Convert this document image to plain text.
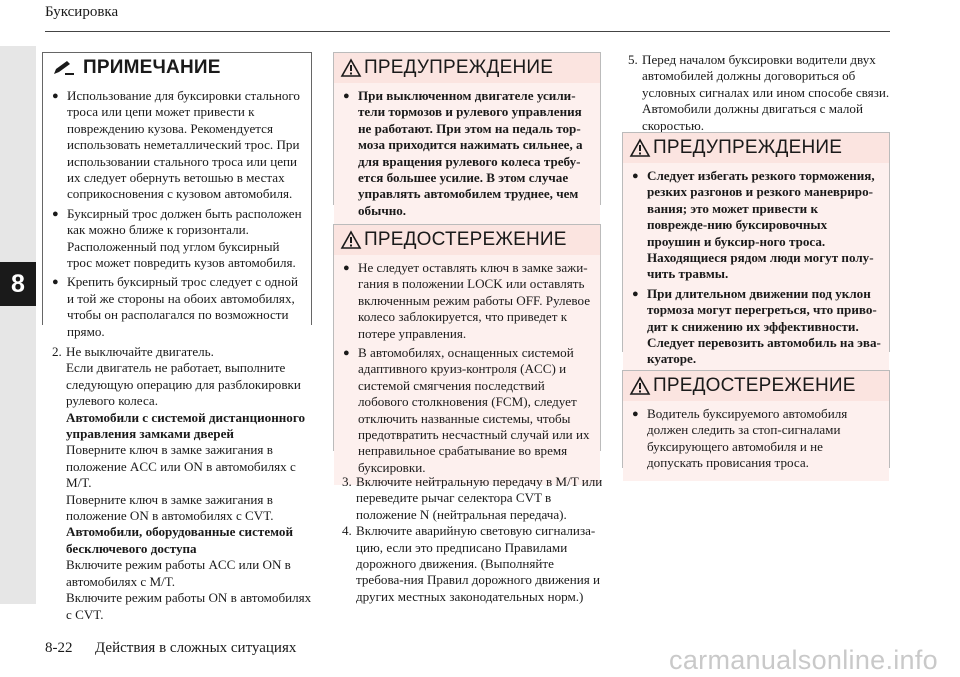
Буксировка
8
ПРИМЕЧАНИЕ
● Использование для буксировки стального троса или цепи может привести к повреждению кузова. Рекомендуется использовать неметаллический трос. При использовании стального троса или цепи их следует обернуть ветошью в местах соприкосновения с кузовом автомобиля.
● Буксирный трос должен быть расположен как можно ближе к горизонтали. Расположенный под углом буксирный трос может повредить кузов автомобиля.
● Крепить буксирный трос следует с одной и той же стороны на обоих автомобилях, чтобы он располагался по возможности прямо.
2. Не выключайте двигатель.
Если двигатель не работает, выполните следующую операцию для разблокировки рулевого колеса.
Автомобили с системой дистанционного управления замками дверей
Поверните ключ в замке зажигания в положение ACC или ON в автомобилях с M/T.
Поверните ключ в замке зажигания в положение ON в автомобилях с CVT.
Автомобили, оборудованные системой бесключевого доступа
Включите режим работы ACC или ON в автомобилях с M/T.
Включите режим работы ON в автомобилях с CVT.
ПРЕДУПРЕЖДЕНИЕ
● При выключенном двигателе усили-тели тормозов и рулевого управления не работают. При этом на педаль тор-моза приходится нажимать сильнее, а для вращения рулевого колеса требу-ется большее усилие. В этом случае управлять автомобилем труднее, чем обычно.
ПРЕДОСТЕРЕЖЕНИЕ
● Не следует оставлять ключ в замке зажи-гания в положении LOCK или оставлять включенным режим работы OFF. Рулевое колесо заблокируется, что приведет к потере управления.
● В автомобилях, оснащенных системой адаптивного круиз-контроля (ACC) и системой смягчения последствий лобового столкновения (FCM), следует отключить названные системы, чтобы предотвратить несчастный случай или их неправильное срабатывание во время буксировки.
3. Включите нейтральную передачу в M/T или переведите рычаг селектора CVT в положение N (нейтральная передача).
4. Включите аварийную световую сигнализа-цию, если это предписано Правилами дорожного движения. (Выполняйте требова-ния Правил дорожного движения и других местных законодательных норм.)
5. Перед началом буксировки водители двух автомобилей должны договориться об условных сигналах или ином способе связи. Автомобили должны двигаться с малой скоростью.
ПРЕДУПРЕЖДЕНИЕ
● Следует избегать резкого торможения, резких разгонов и резкого маневриро-вания; это может привести к поврежде-нию буксировочных проушин и буксир-ного троса. Находящиеся рядом люди могут полу-чить травмы.
● При длительном движении под уклон тормоза могут перегреться, что приво-дит к снижению их эффективности. Следует перевозить автомобиль на эва-куаторе.
ПРЕДОСТЕРЕЖЕНИЕ
● Водитель буксируемого автомобиля должен следить за стоп-сигналами буксирующего автомобиля и не допускать провисания троса.
8-22 Действия в сложных ситуациях	carmanualsonline.info
